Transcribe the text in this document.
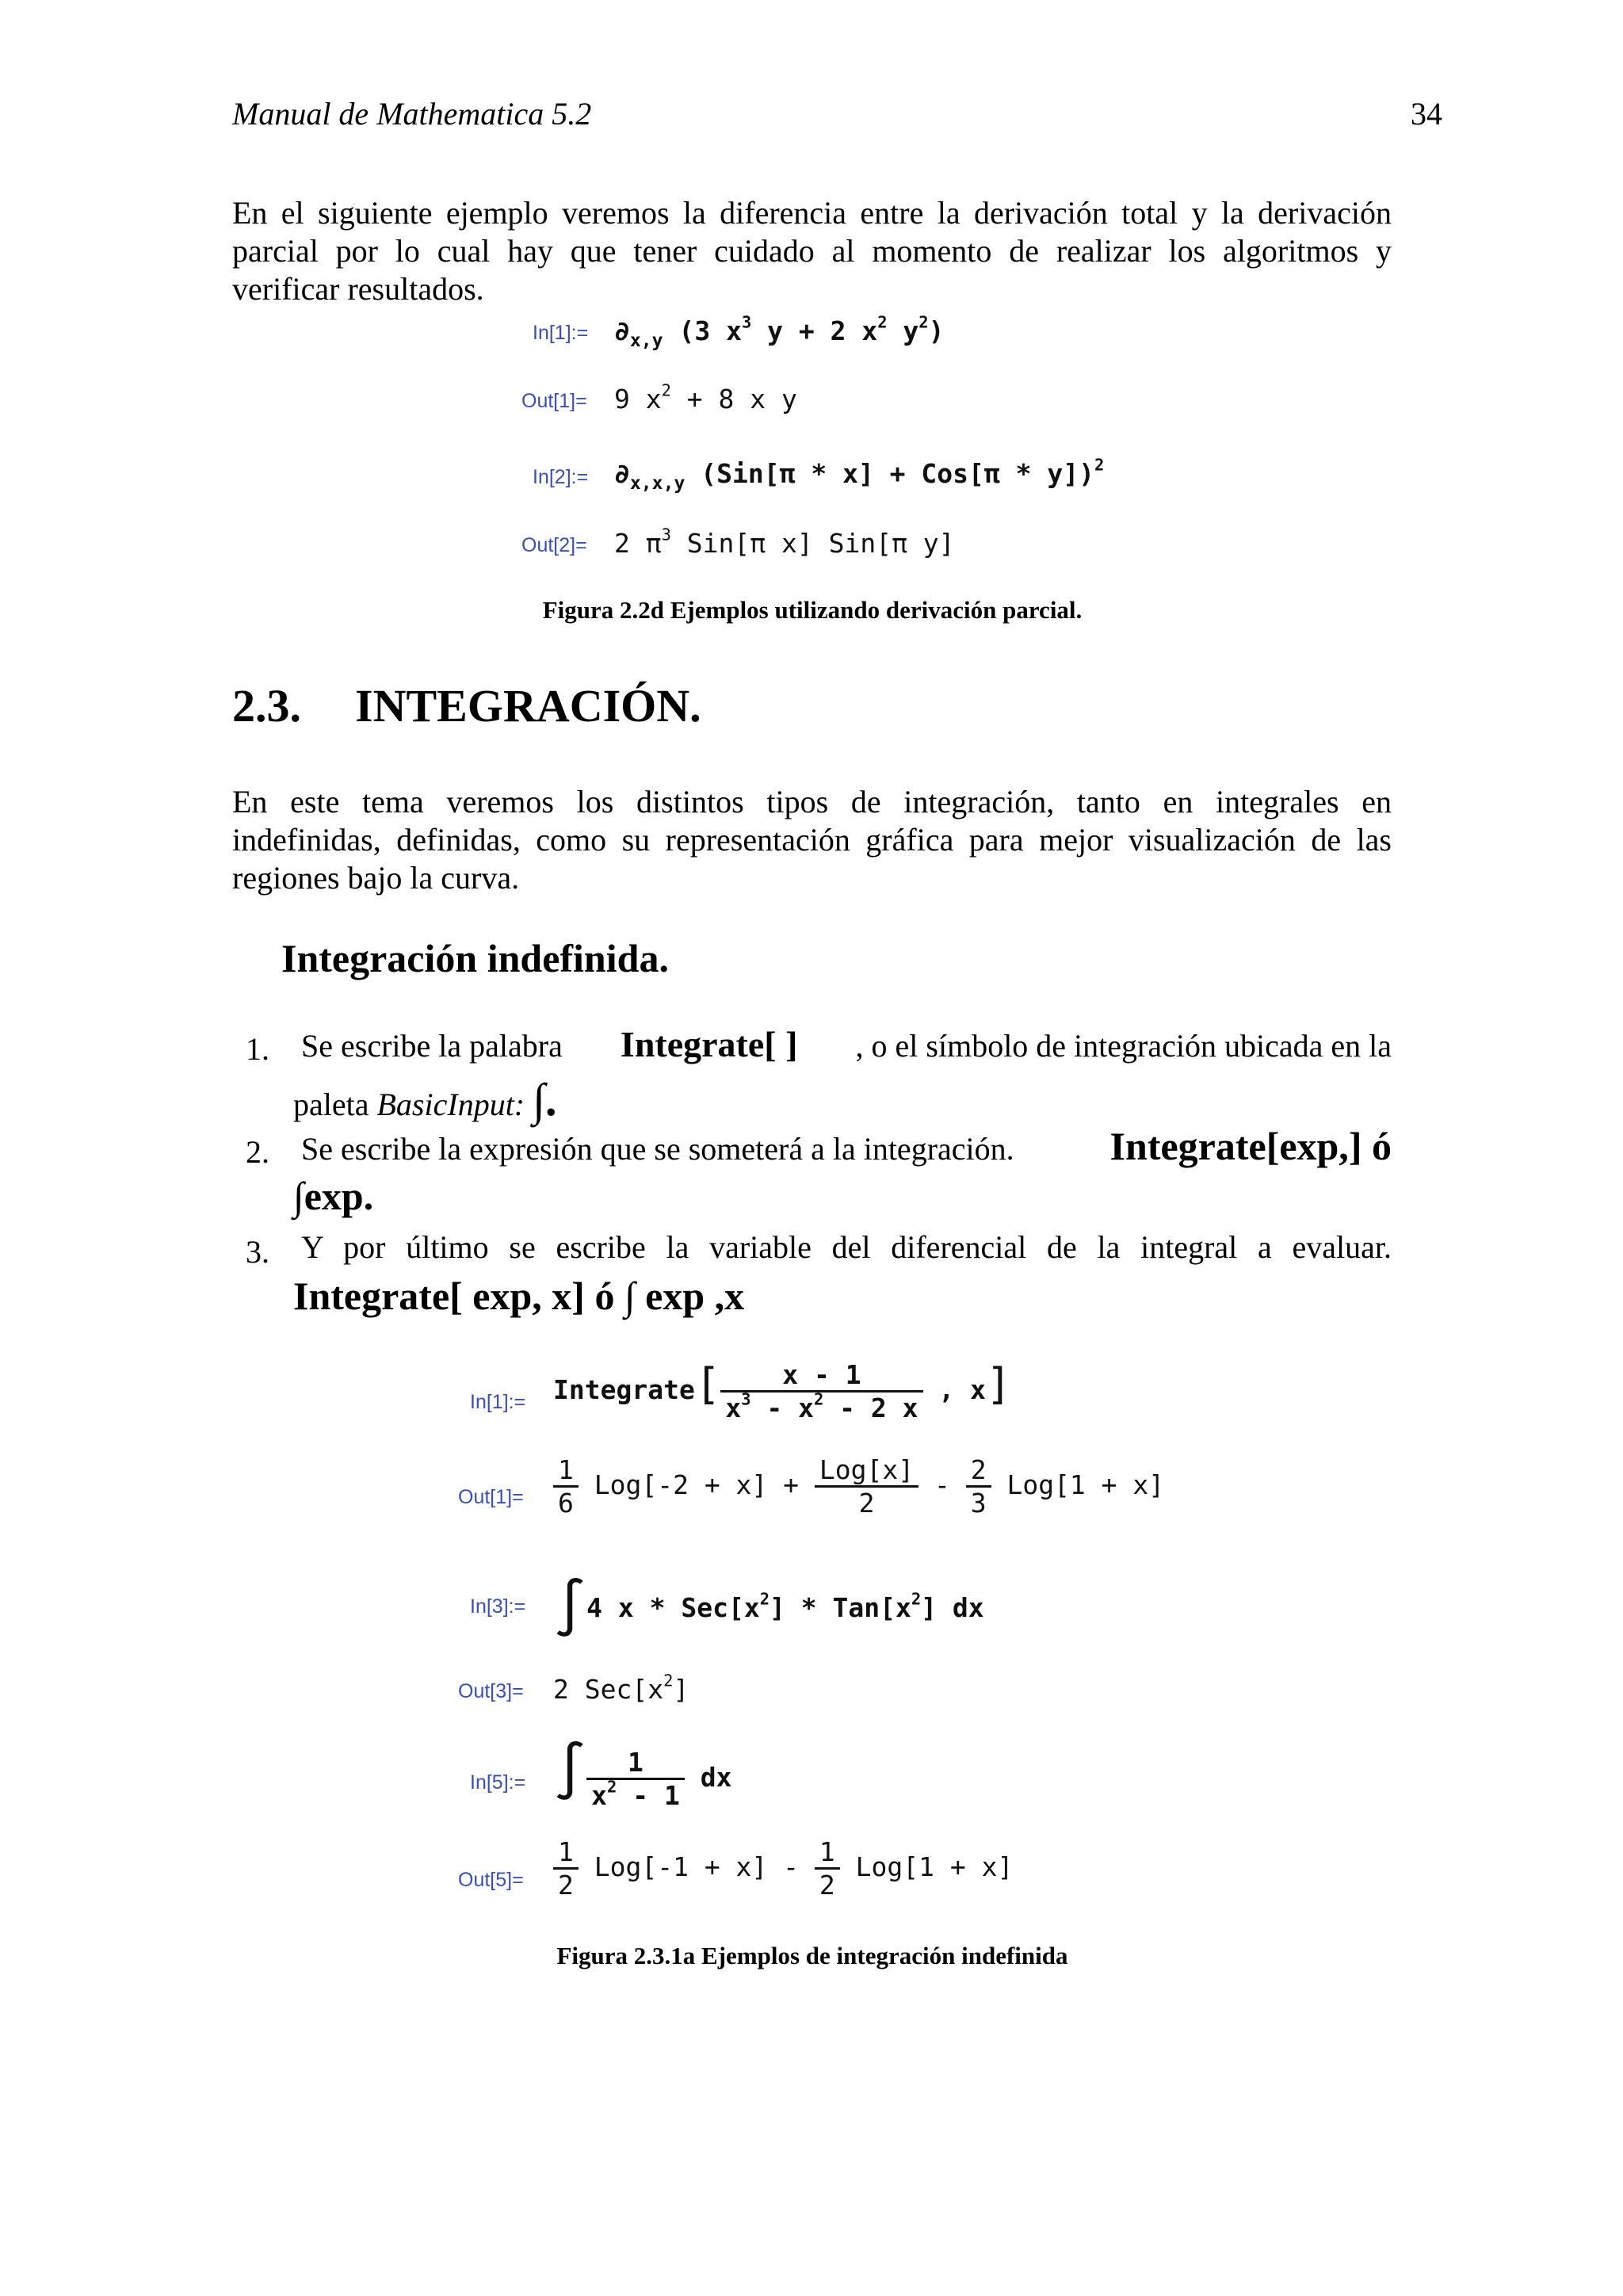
Manual de Mathematica 5.2	34
En el siguiente ejemplo veremos la diferencia entre la derivación total y la derivación
parcial por lo cual hay que tener cuidado al momento de realizar los algoritmos y
verificar resultados.
In[1]:= $\partial_{x,y}$ (3 $x^3$ y + 2 $x^2$ $y^2$)
Out[1]= 9 $x^2 + 8$ x y
In[2]:= $\partial_{x,x,y}$ $(Sin[\pi * x] + Cos[\pi * y])^2$
Out[2]= 2 $\pi^3$ Sin[π x] Sin[π y]
Figura 2.2d Ejemplos utilizando derivación parcial.
2.3. INTEGRACIÓN.
En este tema veremos los distintos tipos de integración, tanto en integrales en
indefinidas, definidas, como su representación gráfica para mejor visualización de las
regiones bajo la curva.
Integración indefinida.
1. Se escribe la palabra Integrate[ ] , o el símbolo de integración ubicada en la
paleta BasicInput: ∫.
2. Se escribe la expresión que se someterá a la integración. Integrate[exp,] ó
∫exp.
3. Y por último se escribe la variable del diferencial de la integral a evaluar.
Integrate[ exp, x] ó ∫ exp ,x
In[1]:= Integrate[ $\frac{x - 1}{x^3 - x^2 - 2 x}$ , x]
$Out[1]= \frac{1}{6} Log[-2 + x] + \frac{\text{Log[x]}}{2} - \frac{2}{3} Log[1 + x]$
In[3]:= ∫4 x * $Sec[x^2] * Tan[x^2]$ dx
Out[3]= 2 $Sec[x^2]$
In[5]:= ∫ $\frac{1}{x^2 - 1}$ dx
$Out[5]= \frac{1}{2} Log[-1 + x] - \frac{1}{2} Log[1 + x]$
Figura 2.3.1a Ejemplos de integración indefinida
